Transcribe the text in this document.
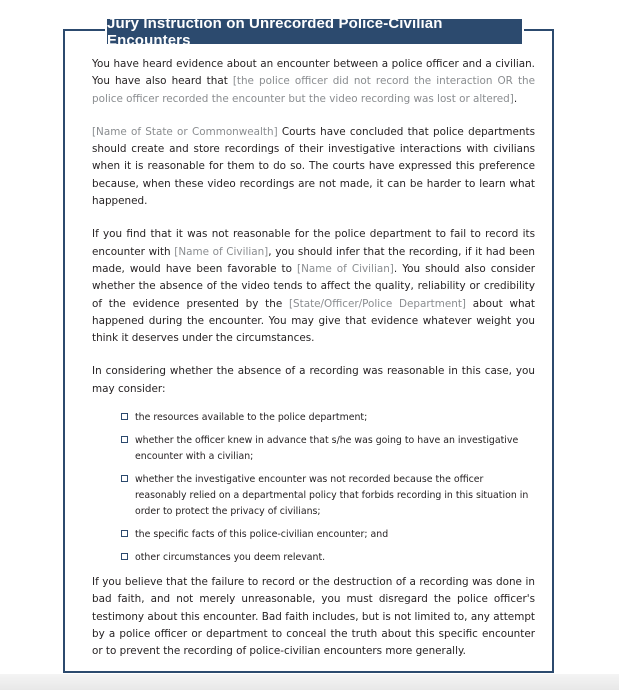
Jury Instruction on Unrecorded Police-Civilian Encounters

You have heard evidence about an encounter between a police officer and a civilian. You have also heard that [the police officer did not record the interaction OR the police officer recorded the encounter but the video recording was lost or altered].

[Name of State or Commonwealth] Courts have concluded that police departments should create and store recordings of their investigative interactions with civilians when it is reasonable for them to do so. The courts have expressed this preference because, when these video recordings are not made, it can be harder to learn what happened.

If you find that it was not reasonable for the police department to fail to record its encounter with [Name of Civilian], you should infer that the recording, if it had been made, would have been favorable to [Name of Civilian]. You should also consider whether the absence of the video tends to affect the quality, reliability or credibility of the evidence presented by the [State/Officer/Police Department] about what happened during the encounter. You may give that evidence whatever weight you think it deserves under the circumstances.

In considering whether the absence of a recording was reasonable in this case, you may consider:

the resources available to the police department;
whether the officer knew in advance that s/he was going to have an investigative encounter with a civilian;
whether the investigative encounter was not recorded because the officer reasonably relied on a departmental policy that forbids recording in this situation in order to protect the privacy of civilians;
the specific facts of this police-civilian encounter; and
other circumstances you deem relevant.

If you believe that the failure to record or the destruction of a recording was done in bad faith, and not merely unreasonable, you must disregard the police officer's testimony about this encounter. Bad faith includes, but is not limited to, any attempt by a police officer or department to conceal the truth about this specific encounter or to prevent the recording of police-civilian encounters more generally.
